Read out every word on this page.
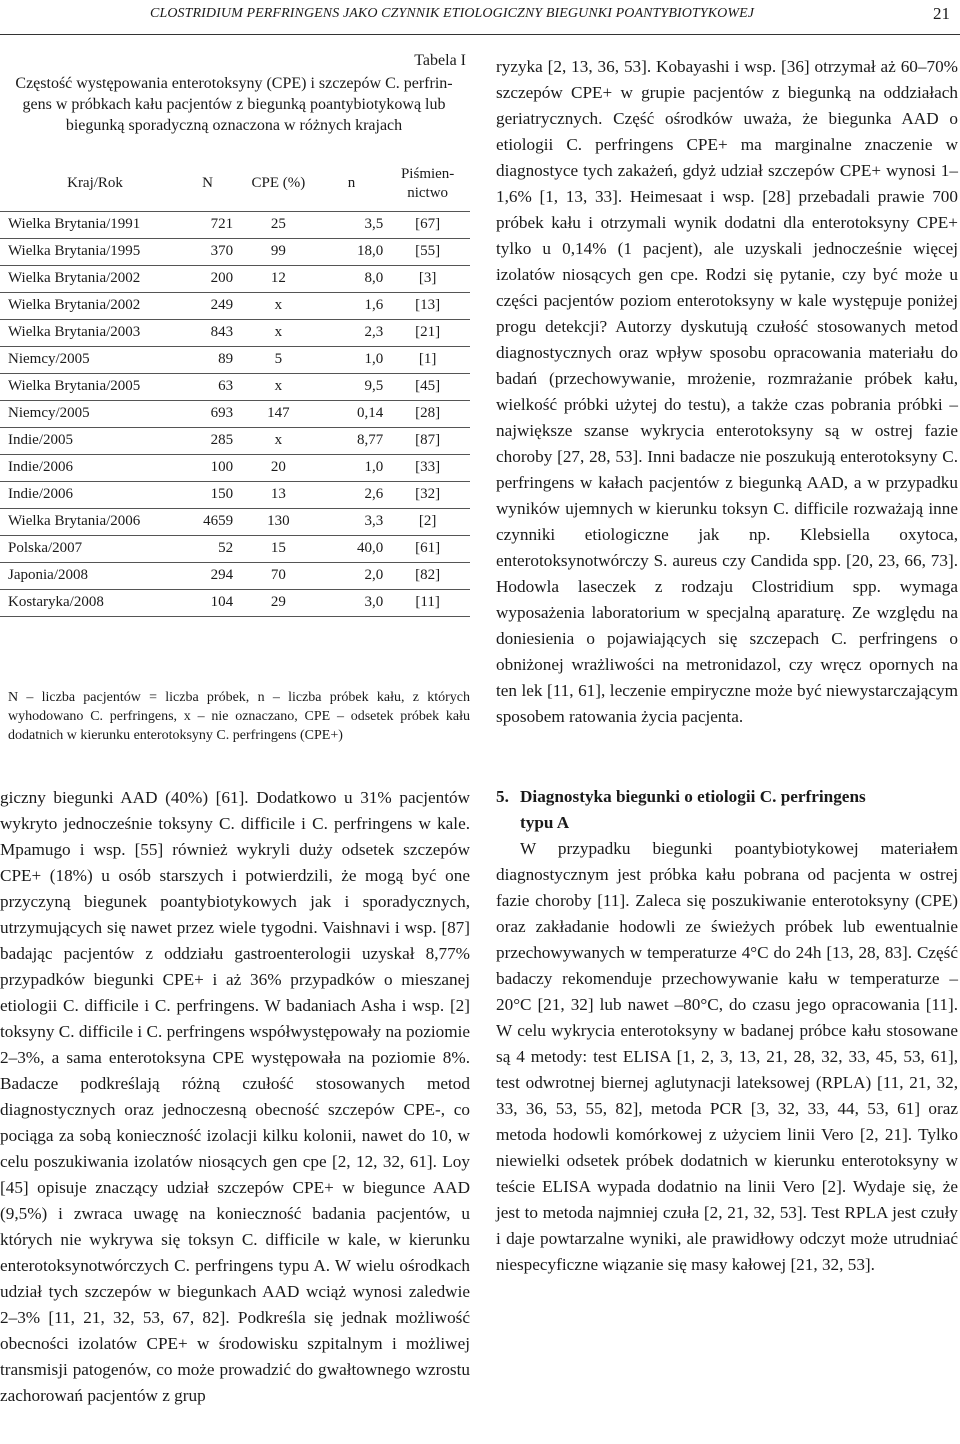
CLOSTRIDIUM PERFRINGENS JAKO CZYNNIK ETIOLOGICZNY BIEGUNKI POANTYBIOTYKOWEJ	21
Tabela I

Częstość występowania enterotoksyny (CPE) i szczepów C. perfrin-

gens w próbkach kału pacjentów z biegunką poantybiotykową lub

biegunką sporadyczną oznaczona w różnych krajach

Kraj/Rok	N	CPE (%)	n	Piśmien-
nictwo

Wielka Brytania/1991	721	25	3,5	[67]
Wielka Brytania/1995	370	99	18,0	[55]
Wielka Brytania/2002	200	12	8,0	[3]
Wielka Brytania/2002	249	x	1,6	[13]
Wielka Brytania/2003	843	x	2,3	[21]
Niemcy/2005	89	5	1,0	[1]
Wielka Brytania/2005	63	x	9,5	[45]
Niemcy/2005	693	147	0,14	[28]
Indie/2005	285	x	8,77	[87]
Indie/2006	100	20	1,0	[33]
Indie/2006	150	13	2,6	[32]
Wielka Brytania/2006	4659	130	3,3	[2]
Polska/2007	52	15	40,0	[61]
Japonia/2008	294	70	2,0	[82]
Kostaryka/2008	104	29	3,0	[11]
N – liczba pacjentów = liczba próbek, n – liczba próbek kału, z których wyhodowano C. perfringens, x – nie oznaczano, CPE – odsetek próbek kału dodatnich w kierunku enterotoksyny C. perfringens (CPE+)
giczny biegunki AAD (40%) [61]. Dodatkowo u 31% pacjentów wykryto jednocześnie toksyny C. difficile i C. perfringens w kale. Mpamugo i wsp. [55] również wykryli duży odsetek szczepów CPE+ (18%) u osób starszych i potwierdzili, że mogą być one przyczyną biegunek poantybiotykowych jak i sporadycznych, utrzymujących się nawet przez wiele tygodni. Vaishnavi i wsp. [87] badając pacjentów z oddziału gastroenterologii uzyskał 8,77% przypadków biegunki CPE+ i aż 36% przypadków o mieszanej etiologii C. difficile i C. perfringens. W badaniach Asha i wsp. [2] toksyny C. difficile i C. perfringens współwystępowały na poziomie 2–3%, a sama enterotoksyna CPE występowała na poziomie 8%. Badacze podkreślają różną czułość stosowanych metod diagnostycznych oraz jednoczesną obecność szczepów CPE-, co pociąga za sobą konieczność izolacji kilku kolonii, nawet do 10, w celu poszukiwania izolatów niosących gen cpe [2, 12, 32, 61]. Loy [45] opisuje znaczący udział szczepów CPE+ w biegunce AAD (9,5%) i zwraca uwagę na konieczność badania pacjentów, u których nie wykrywa się toksyn C. difficile w kale, w kierunku enterotoksynotwórczych C. perfringens typu A. W wielu ośrodkach udział tych szczepów w biegunkach AAD wciąż wynosi zaledwie 2–3% [11, 21, 32, 53, 67, 82]. Podkreśla się jednak możliwość obecności izolatów CPE+ w środowisku szpitalnym i możliwej transmisji patogenów, co może prowadzić do gwałtownego wzrostu zachorowań pacjentów z grup

ryzyka [2, 13, 36, 53]. Kobayashi i wsp. [36] otrzymał aż 60–70% szczepów CPE+ w grupie pacjentów z biegunką na oddziałach geriatrycznych. Część ośrodków uważa, że biegunka AAD o etiologii C. perfringens CPE+ ma marginalne znaczenie w diagnostyce tych zakażeń, gdyż udział szczepów CPE+ wynosi 1–1,6% [1, 13, 33]. Heimesaat i wsp. [28] przebadali prawie 700 próbek kału i otrzymali wynik dodatni dla enterotoksyny CPE+ tylko u 0,14% (1 pacjent), ale uzyskali jednocześnie więcej izolatów niosących gen cpe. Rodzi się pytanie, czy być może u części pacjentów poziom enterotoksyny w kale występuje poniżej progu detekcji? Autorzy dyskutują czułość stosowanych metod diagnostycznych oraz wpływ sposobu opracowania materiału do badań (przechowywanie, mrożenie, rozmrażanie próbek kału, wielkość próbki użytej do testu), a także czas pobrania próbki – największe szanse wykrycia enterotoksyny są w ostrej fazie choroby [27, 28, 53]. Inni badacze nie poszukują enterotoksyny C. perfringens w kałach pacjentów z biegunką AAD, a w przypadku wyników ujemnych w kierunku toksyn C. difficile rozważają inne czynniki etiologiczne jak np. Klebsiella oxytoca, enterotoksynotwórczy S. aureus czy Candida spp. [20, 23, 66, 73]. Hodowla laseczek z rodzaju Clostridium spp. wymaga wyposażenia laboratorium w specjalną aparaturę. Ze względu na doniesienia o pojawiających się szczepach C. perfringens o obniżonej wrażliwości na metronidazol, czy wręcz opornych na ten lek [11, 61], leczenie empiryczne może być niewystarczającym sposobem ratowania życia pacjenta.

5. Diagnostyka biegunki o etiologii C. perfringens
typu A

W przypadku biegunki poantybiotykowej materiałem diagnostycznym jest próbka kału pobrana od pacjenta w ostrej fazie choroby [11]. Zaleca się poszukiwanie enterotoksyny (CPE) oraz zakładanie hodowli ze świeżych próbek lub ewentualnie przechowywanych w temperaturze 4°C do 24h [13, 28, 83]. Część badaczy rekomenduje przechowywanie kału w temperaturze –20°C [21, 32] lub nawet –80°C, do czasu jego opracowania [11]. W celu wykrycia enterotoksyny w badanej próbce kału stosowane są 4 metody: test ELISA [1, 2, 3, 13, 21, 28, 32, 33, 45, 53, 61], test odwrotnej biernej aglutynacji lateksowej (RPLA) [11, 21, 32, 33, 36, 53, 55, 82], metoda PCR [3, 32, 33, 44, 53, 61] oraz metoda hodowli komórkowej z użyciem linii Vero [2, 21]. Tylko niewielki odsetek próbek dodatnich w kierunku enterotoksyny w teście ELISA wypada dodatnio na linii Vero [2]. Wydaje się, że jest to metoda najmniej czuła [2, 21, 32, 53]. Test RPLA jest czuły i daje powtarzalne wyniki, ale prawidłowy odczyt może utrudniać niespecyficzne wiązanie się masy kałowej [21, 32, 53].
